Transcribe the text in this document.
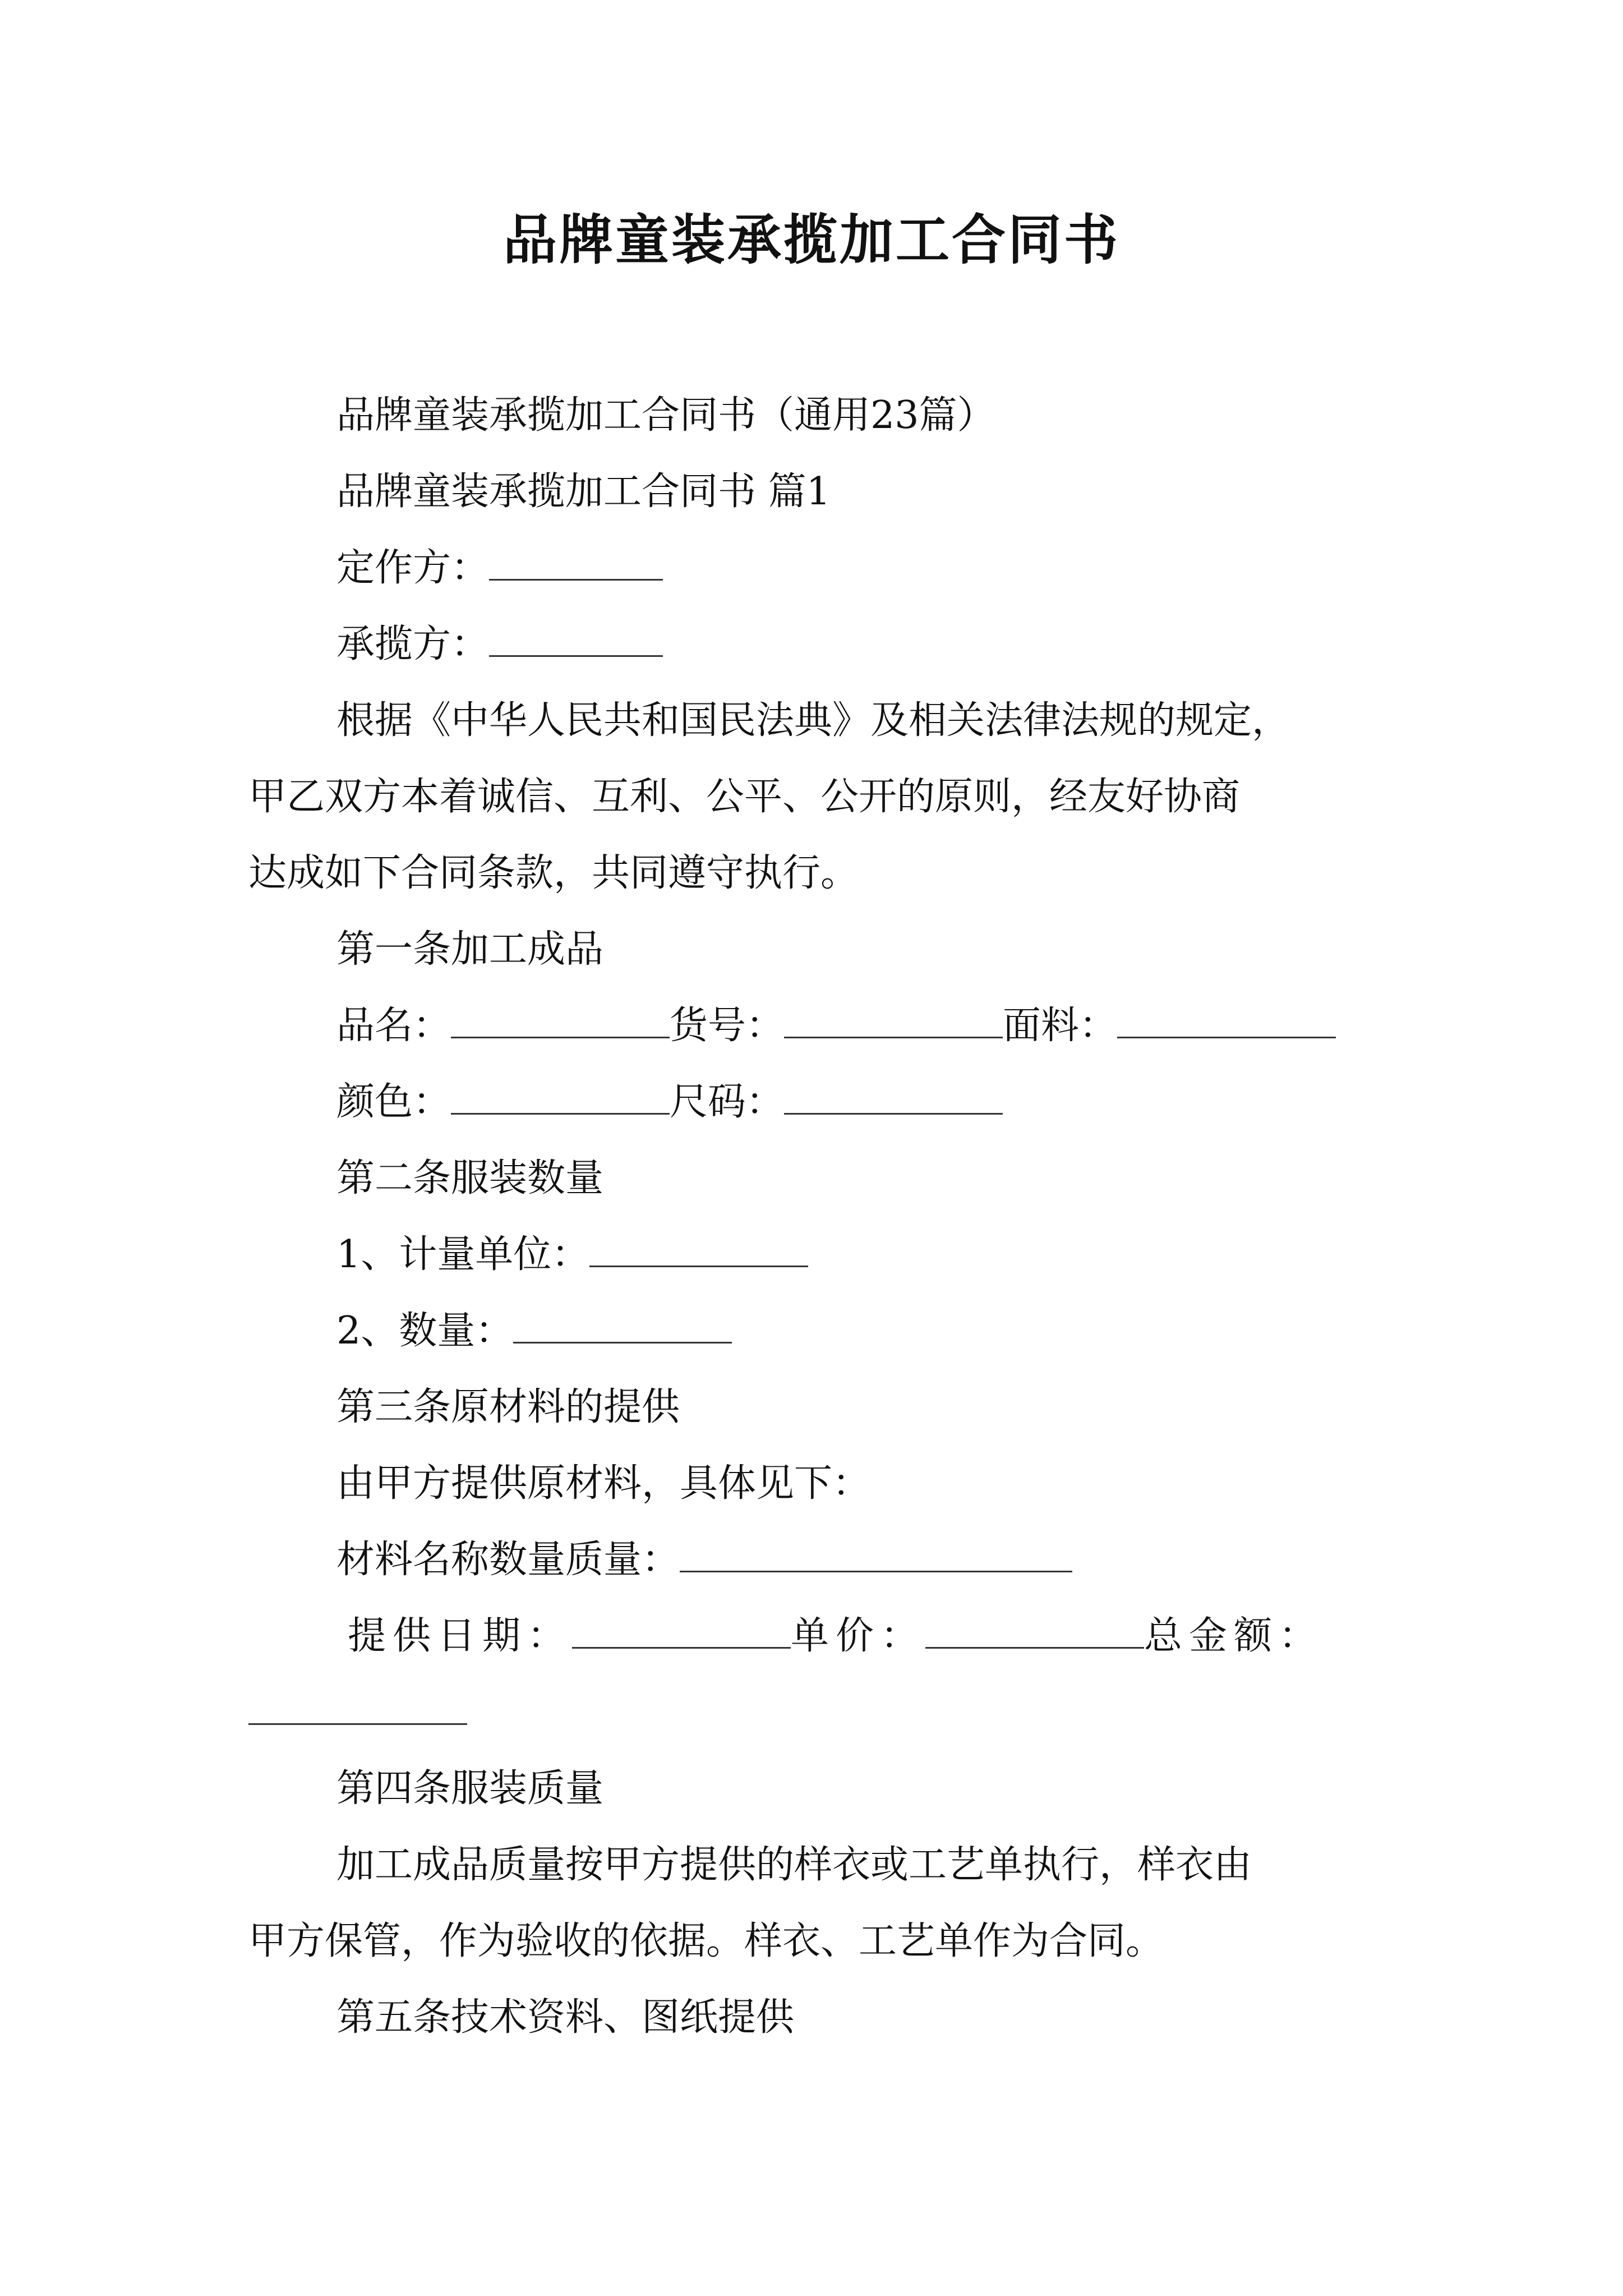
品牌童装承揽加工合同书
品牌童装承揽加工合同书（通用23篇）
品牌童装承揽加工合同书 篇1
定作方：
承揽方：
根据《中华人民共和国民法典》及相关法律法规的规定，
甲乙双方本着诚信、互利、公平、公开的原则，经友好协商
达成如下合同条款，共同遵守执行。
第一条加工成品
品名：	货号：	面料：
颜色：	尺码：
第二条服装数量
1、计量单位：
2、数量：
第三条原材料的提供
由甲方提供原材料，具体见下：
材料名称数量质量：
提供日期：	单价：	总金额：
第四条服装质量
加工成品质量按甲方提供的样衣或工艺单执行，样衣由
甲方保管，作为验收的依据。样衣、工艺单作为合同。
第五条技术资料、图纸提供
